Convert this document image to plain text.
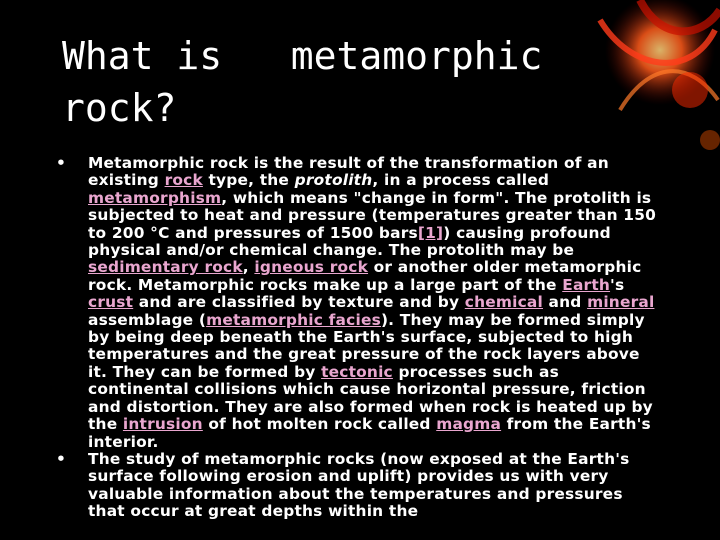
What is   metamorphic rock?
• Metamorphic rock is the result of the transformation of an existing rock type, the protolith, in a process called metamorphism, which means "change in form". The protolith is subjected to heat and pressure (temperatures greater than 150 to 200 °C and pressures of 1500 bars[1]) causing profound physical and/or chemical change. The protolith may be sedimentary rock, igneous rock or another older metamorphic rock. Metamorphic rocks make up a large part of the Earth's crust and are classified by texture and by chemical and mineral assemblage (metamorphic facies). They may be formed simply by being deep beneath the Earth's surface, subjected to high temperatures and the great pressure of the rock layers above it. They can be formed by tectonic processes such as continental collisions which cause horizontal pressure, friction and distortion. They are also formed when rock is heated up by the intrusion of hot molten rock called magma from the Earth's interior.
• The study of metamorphic rocks (now exposed at the Earth's surface following erosion and uplift) provides us with very valuable information about the temperatures and pressures that occur at great depths within the
